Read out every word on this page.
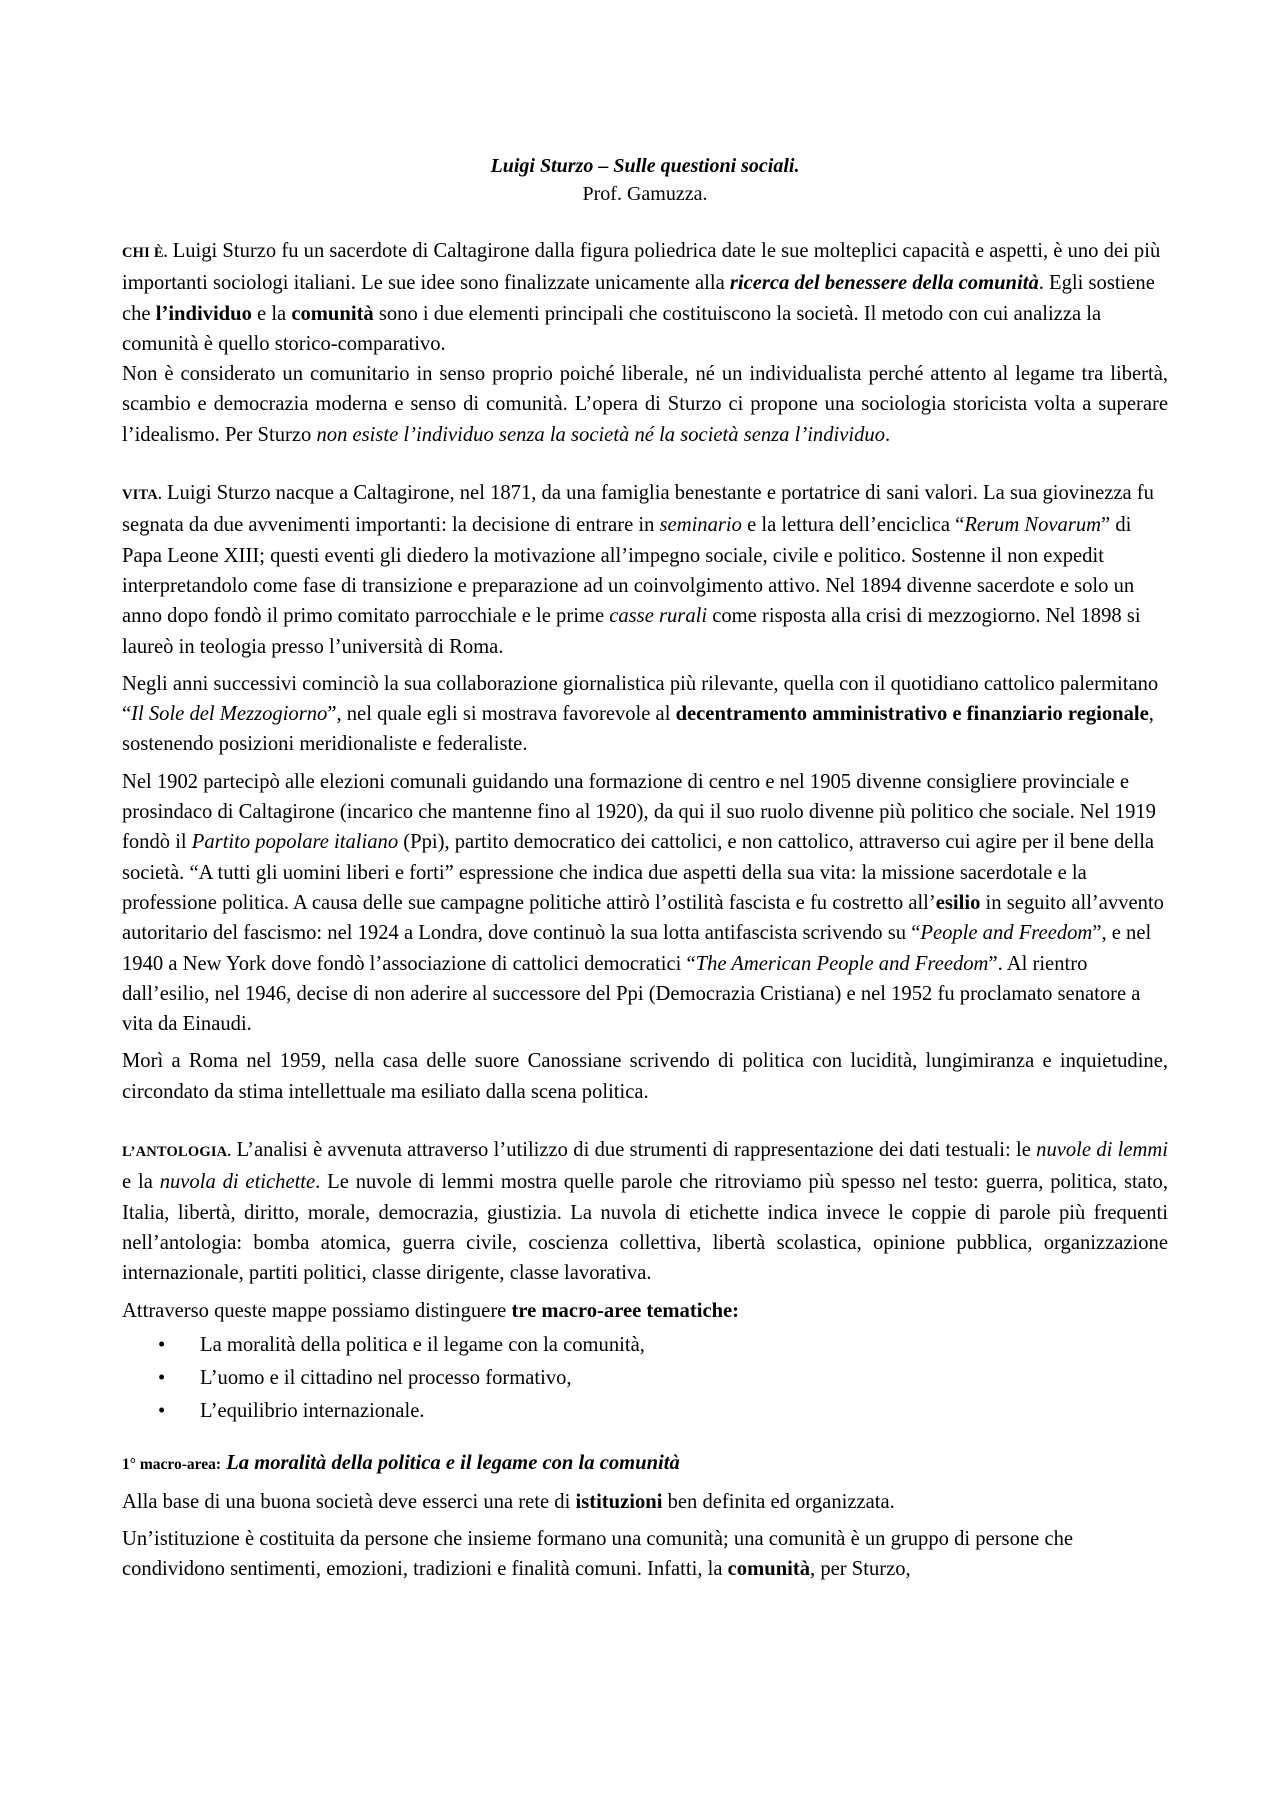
Luigi Sturzo – Sulle questioni sociali.
Prof. Gamuzza.

CHI È. Luigi Sturzo fu un sacerdote di Caltagirone dalla figura poliedrica date le sue molteplici capacità e aspetti, è uno dei più importanti sociologi italiani. Le sue idee sono finalizzate unicamente alla ricerca del benessere della comunità. Egli sostiene che l’individuo e la comunità sono i due elementi principali che costituiscono la società. Il metodo con cui analizza la comunità è quello storico-comparativo.

Non è considerato un comunitario in senso proprio poiché liberale, né un individualista perché attento al legame tra libertà, scambio e democrazia moderna e senso di comunità. L’opera di Sturzo ci propone una sociologia storicista volta a superare l’idealismo. Per Sturzo non esiste l’individuo senza la società né la società senza l’individuo.

VITA. Luigi Sturzo nacque a Caltagirone, nel 1871, da una famiglia benestante e portatrice di sani valori. La sua giovinezza fu segnata da due avvenimenti importanti: la decisione di entrare in seminario e la lettura dell’enciclica “Rerum Novarum” di Papa Leone XIII; questi eventi gli diedero la motivazione all’impegno sociale, civile e politico. Sostenne il non expedit interpretandolo come fase di transizione e preparazione ad un coinvolgimento attivo. Nel 1894 divenne sacerdote e solo un anno dopo fondò il primo comitato parrocchiale e le prime casse rurali come risposta alla crisi di mezzogiorno. Nel 1898 si laureò in teologia presso l’università di Roma.

Negli anni successivi cominciò la sua collaborazione giornalistica più rilevante, quella con il quotidiano cattolico palermitano “Il Sole del Mezzogiorno”, nel quale egli si mostrava favorevole al decentramento amministrativo e finanziario regionale, sostenendo posizioni meridionaliste e federaliste.

Nel 1902 partecipò alle elezioni comunali guidando una formazione di centro e nel 1905 divenne consigliere provinciale e prosindaco di Caltagirone (incarico che mantenne fino al 1920), da qui il suo ruolo divenne più politico che sociale. Nel 1919 fondò il Partito popolare italiano (Ppi), partito democratico dei cattolici, e non cattolico, attraverso cui agire per il bene della società. “A tutti gli uomini liberi e forti” espressione che indica due aspetti della sua vita: la missione sacerdotale e la professione politica. A causa delle sue campagne politiche attirò l’ostilità fascista e fu costretto all’esilio in seguito all’avvento autoritario del fascismo: nel 1924 a Londra, dove continuò la sua lotta antifascista scrivendo su “People and Freedom”, e nel 1940 a New York dove fondò l’associazione di cattolici democratici “The American People and Freedom”. Al rientro dall’esilio, nel 1946, decise di non aderire al successore del Ppi (Democrazia Cristiana) e nel 1952 fu proclamato senatore a vita da Einaudi.

Morì a Roma nel 1959, nella casa delle suore Canossiane scrivendo di politica con lucidità, lungimiranza e inquietudine, circondato da stima intellettuale ma esiliato dalla scena politica.

L’ANTOLOGIA. L’analisi è avvenuta attraverso l’utilizzo di due strumenti di rappresentazione dei dati testuali: le nuvole di lemmi e la nuvola di etichette. Le nuvole di lemmi mostra quelle parole che ritroviamo più spesso nel testo: guerra, politica, stato, Italia, libertà, diritto, morale, democrazia, giustizia. La nuvola di etichette indica invece le coppie di parole più frequenti nell’antologia: bomba atomica, guerra civile, coscienza collettiva, libertà scolastica, opinione pubblica, organizzazione internazionale, partiti politici, classe dirigente, classe lavorativa.

Attraverso queste mappe possiamo distinguere tre macro-aree tematiche:

• La moralità della politica e il legame con la comunità,
• L’uomo e il cittadino nel processo formativo,
• L’equilibrio internazionale.
1° macro-area: La moralità della politica e il legame con la comunità

Alla base di una buona società deve esserci una rete di istituzioni ben definita ed organizzata.

Un’istituzione è costituita da persone che insieme formano una comunità; una comunità è un gruppo di persone che condividono sentimenti, emozioni, tradizioni e finalità comuni. Infatti, la comunità, per Sturzo,
